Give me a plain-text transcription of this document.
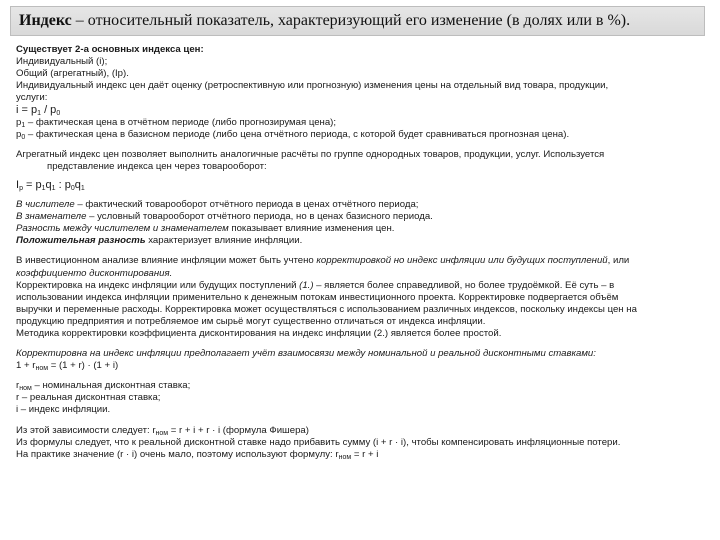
Индекс – относительный показатель, характеризующий его изменение (в долях или в %).
Существует 2-а основных индекса цен:
Индивидуальный (i);
Общий (агрегатный), (Ip).
Индивидуальный индекс цен даёт оценку (ретроспективную или прогнозную) изменения цены на отдельный вид товара, продукции,
услуги:
$i = p_1 / p_0$
$p_1$ – фактическая цена в отчётном периоде (либо прогнозирумая цена);
$p_0$ – фактическая цена в базисном периоде (либо цена отчётного периода, с которой будет сравниваться прогнозная цена).
Агрегатный индекс цен позволяет выполнить аналогичные расчёты по группе однородных товаров, продукции, услуг. Используется
представление индекса цен через товарооборот:
$I_p = p_1q_1$ : $p_0q_1$
В числителе – фактический товарооборот отчётного периода в ценах отчётного периода;
В знаменателе – условный товарооборот отчётного периода, но в ценах базисного периода.
Разность между числителем и знаменателем показывает влияние изменения цен.
Положительная разность характеризует влияние инфляции.
В инвестиционном анализе влияние инфляции может быть учтено корректировкой но индекс инфляции или будущих поступлений, или
коэффициенто дисконтирования.
Корректировка на индекс инфляции или будущих поступлений (1.) – является более справедливой, но более трудоёмкой. Её суть – в
использовании индекса инфляции применительно к денежным потокам инвестиционного проекта. Корректировке подвергается объём
выручки и переменные расходы. Корректировка может осуществляться с использованием различных индексов, поскольку индексы цен на
продукцию предприятия и потребляемое им сырьё могут существенно отличаться от индекса инфляции.
Методика корректировки коэффициента дисконтирования на индекс инфляции (2.) является более простой.
Корректировна на индекс инфляции предполагает учёт взаимосвязи между номинальной и реальной дисконтными ставками:
$1 + r_{ном} = (1 + r) \cdot (1 + i)$
$r_{ном}$ – номинальная дисконтная ставка;
r – реальная дисконтная ставка;
i – индекс инфляции.
Из этой зависимости следует: $r_{ном} = r + i + r \cdot i$ (формула Фишера)
Из формулы следует, что к реальной дисконтной ставке надо прибавить сумму (i + r · i), чтобы компенсировать инфляционные потери.
На практике значение (r · i) очень мало, поэтому используют формулу: $r_{ном} = r + i$
